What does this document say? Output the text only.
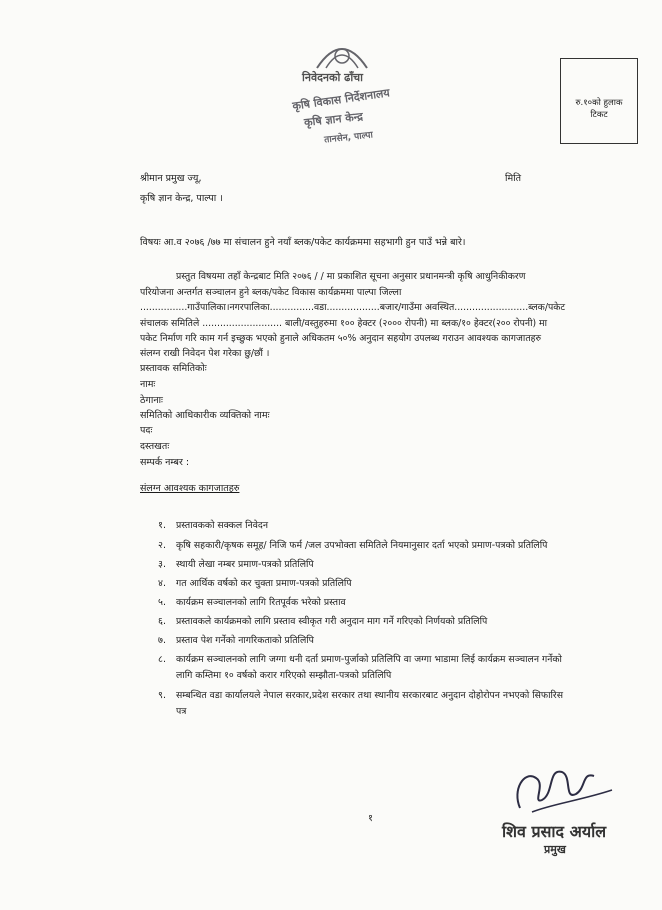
निवेदनको ढाँचा
कृषि विकास निर्देशनालय
कृषि ज्ञान केन्द्र
तानसेन, पाल्पा
रु.१०को हुलाक
टिकट
श्रीमान प्रमुख ज्यू,
कृषि ज्ञान केन्द्र, पाल्पा ।
मिति
विषयः आ.व २०७६ /७७ मा संचालन हुने नयाँ ब्लक/पकेट कार्यक्रममा सहभागी हुन पाउँ भन्ने बारे।
प्रस्तुत विषयमा तहाँ केन्द्रबाट मिति २०७६ / / मा प्रकाशित सूचना अनुसार प्रधानमन्त्री कृषि आधुनिकीकरण
परियोजना अन्तर्गत सञ्चालन हुने ब्लक/पकेट विकास कार्यक्रममा पाल्पा जिल्ला
................गाउँपालिका।नगरपालिका...............वडा..................बजार/गाउँमा अवस्थित.........................ब्लक/पकेट
संचालक समितिले ........................... बाली/वस्तुहरुमा १०० हेक्टर (२००० रोपनी) मा ब्लक/१० हेक्टर(२०० रोपनी) मा
पकेट निर्माण गरि काम गर्न इच्छुक भएको हुनाले अधिकतम ५०% अनुदान सहयोग उपलब्ध गराउन आवश्यक कागजातहरु
संलग्न राखी निवेदन पेश गरेका छु/छौं ।
प्रस्तावक समितिकोः
नामः
ठेगानाः
समितिको आधिकारीक व्यक्तिको नामः
पदः
दस्तखतः
सम्पर्क नम्बर :
संलग्न आवश्यक कागजातहरु
१. प्रस्तावकको सक्कल निवेदन
२. कृषि सहकारी/कृषक समूह/ निजि फर्म /जल उपभोक्ता समितिले नियमानुसार दर्ता भएको प्रमाण-पत्रको प्रतिलिपि
३. स्थायी लेखा नम्बर प्रमाण-पत्रको प्रतिलिपि
४. गत आर्थिक वर्षको कर चुक्ता प्रमाण-पत्रको प्रतिलिपि
५. कार्यक्रम सञ्चालनको लागि रितपूर्वक भरेको प्रस्ताव
६. प्रस्तावकले कार्यक्रमको लागि प्रस्ताव स्वीकृत गरी अनुदान माग गर्ने गरिएको निर्णयको प्रतिलिपि
७. प्रस्ताव पेश गर्नेको नागरिकताको प्रतिलिपि
८. कार्यक्रम सञ्चालनको लागि जग्गा धनी दर्ता प्रमाण-पुर्जाको प्रतिलिपि वा जग्गा भाडामा लिई कार्यक्रम सञ्चालन गर्नेको
लागि कम्तिमा १० वर्षको करार गरिएको सम्झौता-पत्रको प्रतिलिपि
९. सम्बन्धित वडा कार्यालयले नेपाल सरकार,प्रदेश सरकार तथा स्थानीय सरकारबाट अनुदान दोहोरोपन नभएको सिफारिस
पत्र
१
शिव प्रसाद अर्याल
प्रमुख
